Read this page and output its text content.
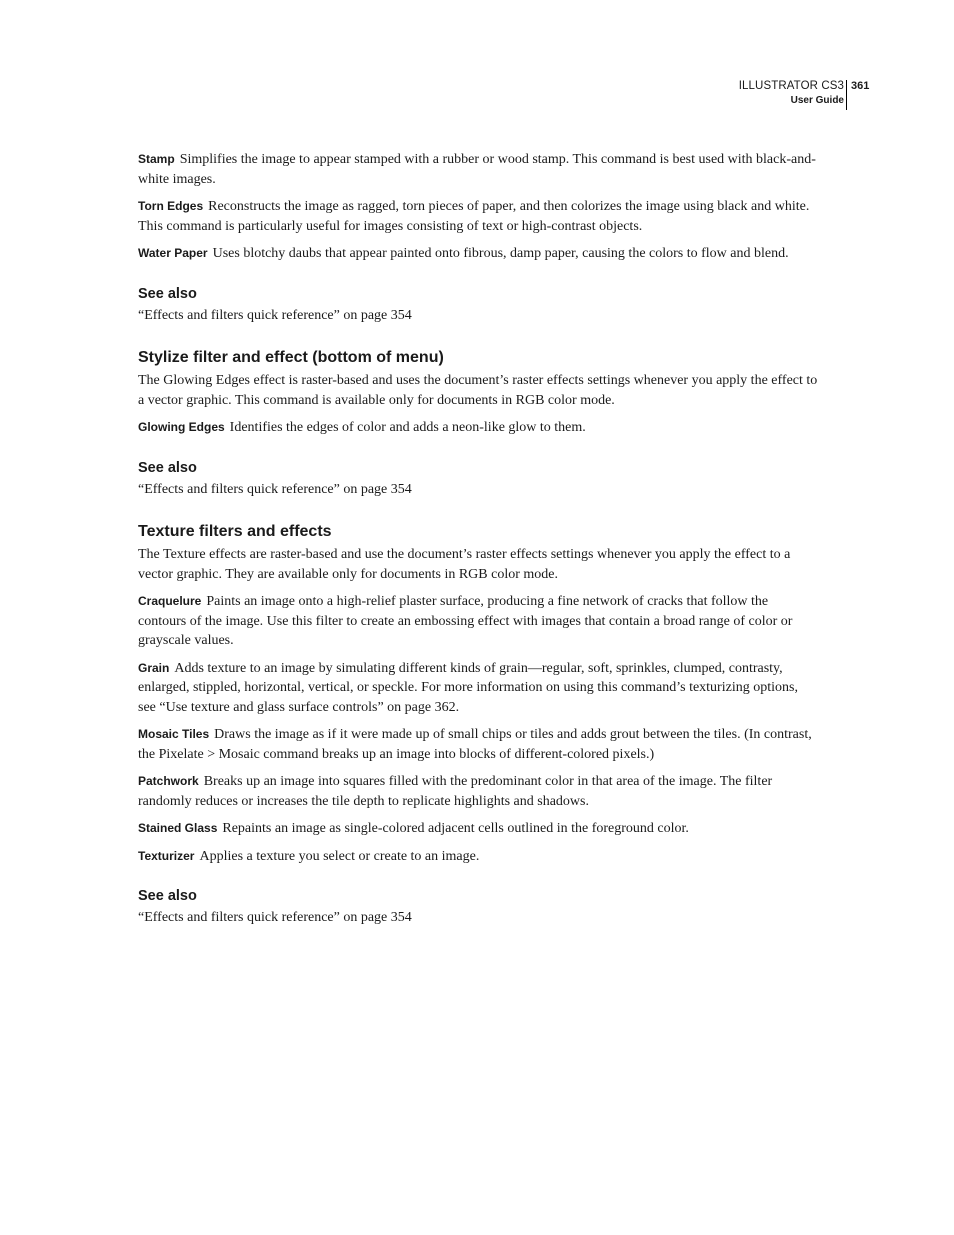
ILLUSTRATOR CS3
User Guide
361

Stamp Simplifies the image to appear stamped with a rubber or wood stamp. This command is best used with black-and-white images.

Torn Edges Reconstructs the image as ragged, torn pieces of paper, and then colorizes the image using black and white. This command is particularly useful for images consisting of text or high-contrast objects.

Water Paper Uses blotchy daubs that appear painted onto fibrous, damp paper, causing the colors to flow and blend.

See also

“Effects and filters quick reference” on page 354

Stylize filter and effect (bottom of menu)

The Glowing Edges effect is raster-based and uses the document’s raster effects settings whenever you apply the effect to a vector graphic. This command is available only for documents in RGB color mode.

Glowing Edges Identifies the edges of color and adds a neon-like glow to them.

See also

“Effects and filters quick reference” on page 354

Texture filters and effects

The Texture effects are raster-based and use the document’s raster effects settings whenever you apply the effect to a vector graphic. They are available only for documents in RGB color mode.

Craquelure Paints an image onto a high-relief plaster surface, producing a fine network of cracks that follow the contours of the image. Use this filter to create an embossing effect with images that contain a broad range of color or grayscale values.

Grain Adds texture to an image by simulating different kinds of grain—regular, soft, sprinkles, clumped, contrasty, enlarged, stippled, horizontal, vertical, or speckle. For more information on using this command’s texturizing options, see “Use texture and glass surface controls” on page 362.

Mosaic Tiles Draws the image as if it were made up of small chips or tiles and adds grout between the tiles. (In contrast, the Pixelate > Mosaic command breaks up an image into blocks of different-colored pixels.)

Patchwork Breaks up an image into squares filled with the predominant color in that area of the image. The filter randomly reduces or increases the tile depth to replicate highlights and shadows.

Stained Glass Repaints an image as single-colored adjacent cells outlined in the foreground color.

Texturizer Applies a texture you select or create to an image.

See also

“Effects and filters quick reference” on page 354
